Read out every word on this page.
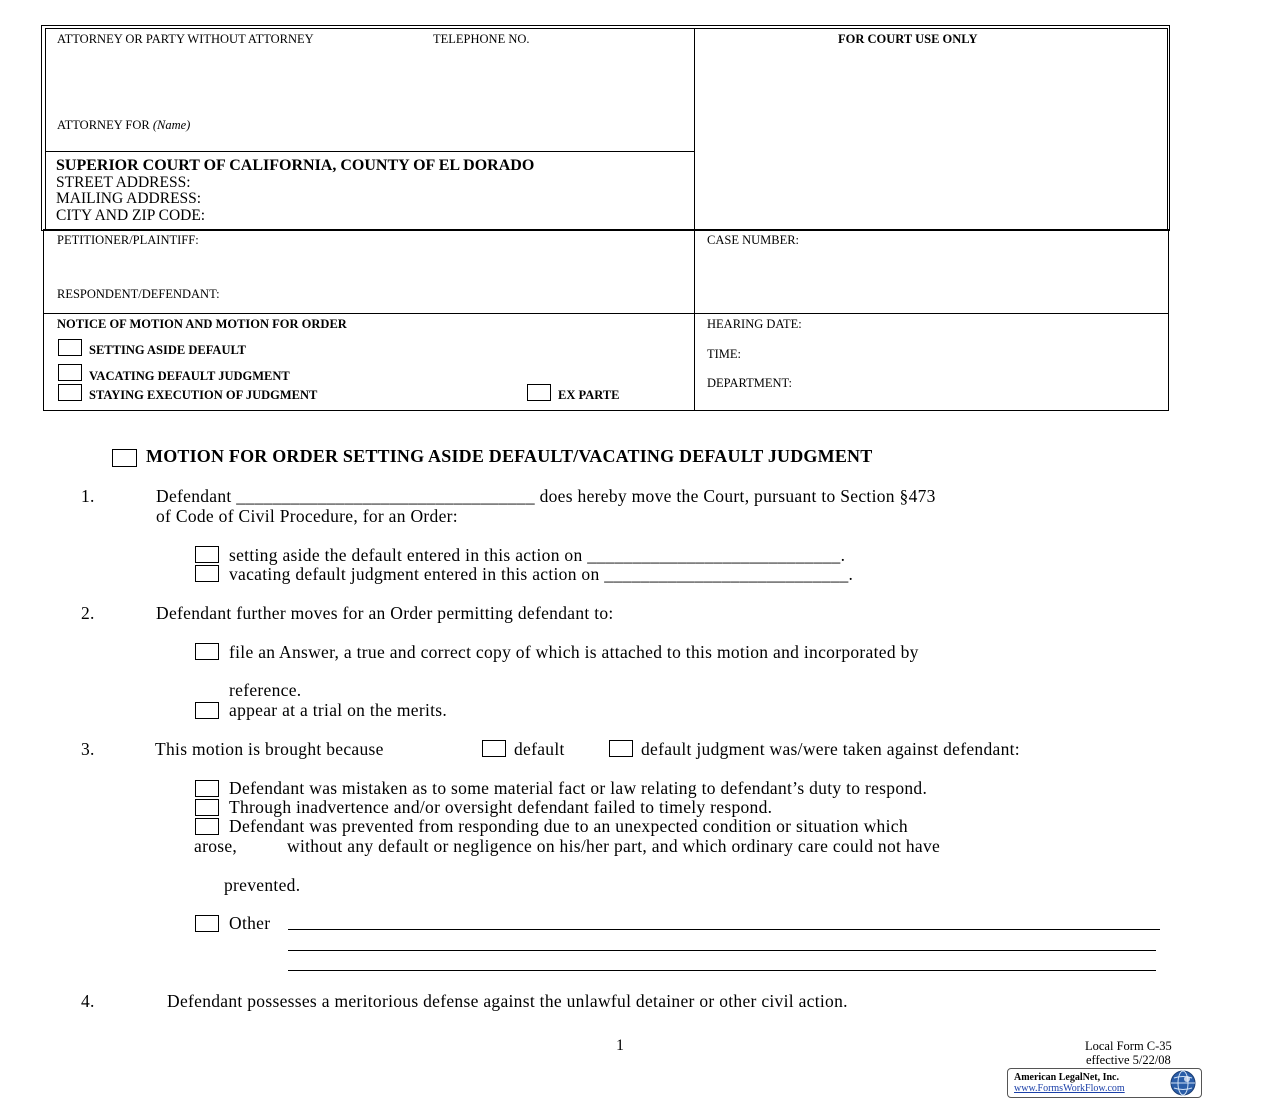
ATTORNEY OR PARTY WITHOUT ATTORNEY	TELEPHONE NO.	FOR COURT USE ONLY
ATTORNEY FOR (Name)
SUPERIOR COURT OF CALIFORNIA, COUNTY OF EL DORADO
STREET ADDRESS:
MAILING ADDRESS:
CITY AND ZIP CODE:
PETITIONER/PLAINTIFF:
RESPONDENT/DEFENDANT:
CASE NUMBER:
NOTICE OF MOTION AND MOTION FOR ORDER
SETTING ASIDE DEFAULT
VACATING DEFAULT JUDGMENT
STAYING EXECUTION OF JUDGMENT	EX PARTE
HEARING DATE:
TIME:
DEPARTMENT:
MOTION FOR ORDER SETTING ASIDE DEFAULT/VACATING DEFAULT JUDGMENT
1.	Defendant _________________________________ does hereby move the Court, pursuant to Section §473
of Code of Civil Procedure, for an Order:
setting aside the default entered in this action on ____________________________.
vacating default judgment entered in this action on ___________________________.
2.	Defendant further moves for an Order permitting defendant to:
file an Answer, a true and correct copy of which is attached to this motion and incorporated by
reference.
appear at a trial on the merits.
3.	This motion is brought because	default	default judgment was/were taken against defendant:
Defendant was mistaken as to some material fact or law relating to defendant’s duty to respond.
Through inadvertence and/or oversight defendant failed to timely respond.
Defendant was prevented from responding due to an unexpected condition or situation which
arose,	without any default or negligence on his/her part, and which ordinary care could not have
prevented.
Other
4.	Defendant possesses a meritorious defense against the unlawful detainer or other civil action.
1	Local Form C-35
effective 5/22/08
American LegalNet, Inc.
www.FormsWorkFlow.com
